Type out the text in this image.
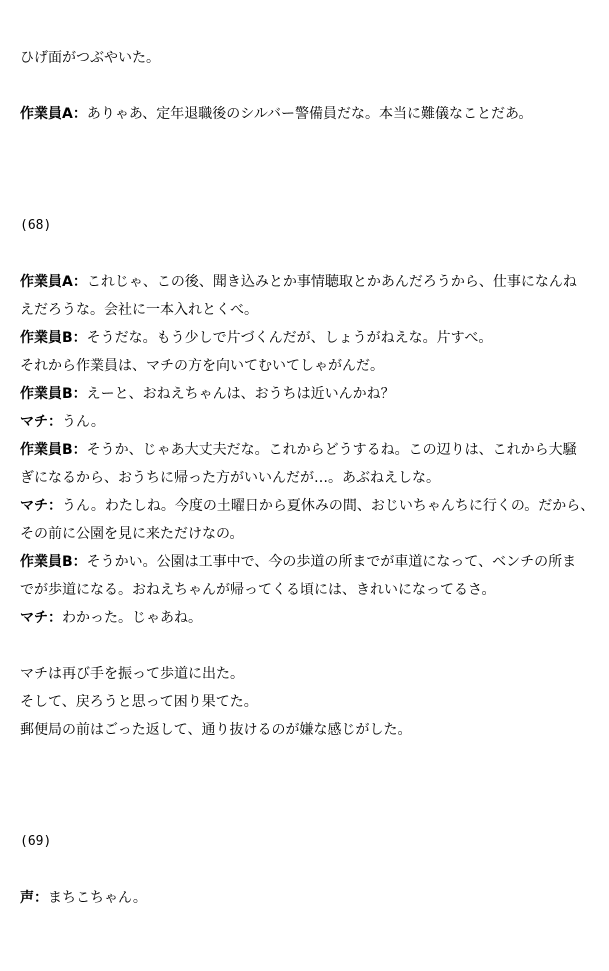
ひげ面がつぶやいた。
作業員A：ありゃあ、定年退職後のシルバー警備員だな。本当に難儀なことだあ。
(68)
作業員A：これじゃ、この後、聞き込みとか事情聴取とかあんだろうから、仕事になんね
えだろうな。会社に一本入れとくべ。
作業員B：そうだな。もう少しで片づくんだが、しょうがねえな。片すべ。
それから作業員は、マチの方を向いてむいてしゃがんだ。
作業員B：えーと、おねえちゃんは、おうちは近いんかね？
マチ：うん。
作業員B：そうか、じゃあ大丈夫だな。これからどうするね。この辺りは、これから大騒
ぎになるから、おうちに帰った方がいいんだが…。あぶねえしな。
マチ：うん。わたしね。今度の土曜日から夏休みの間、おじいちゃんちに行くの。だから、
その前に公園を見に来ただけなの。
作業員B：そうかい。公園は工事中で、今の歩道の所までが車道になって、ベンチの所ま
でが歩道になる。おねえちゃんが帰ってくる頃には、きれいになってるさ。
マチ：わかった。じゃあね。
マチは再び手を振って歩道に出た。
そして、戻ろうと思って困り果てた。
郵便局の前はごった返して、通り抜けるのが嫌な感じがした。
(69)
声：まちこちゃん。
